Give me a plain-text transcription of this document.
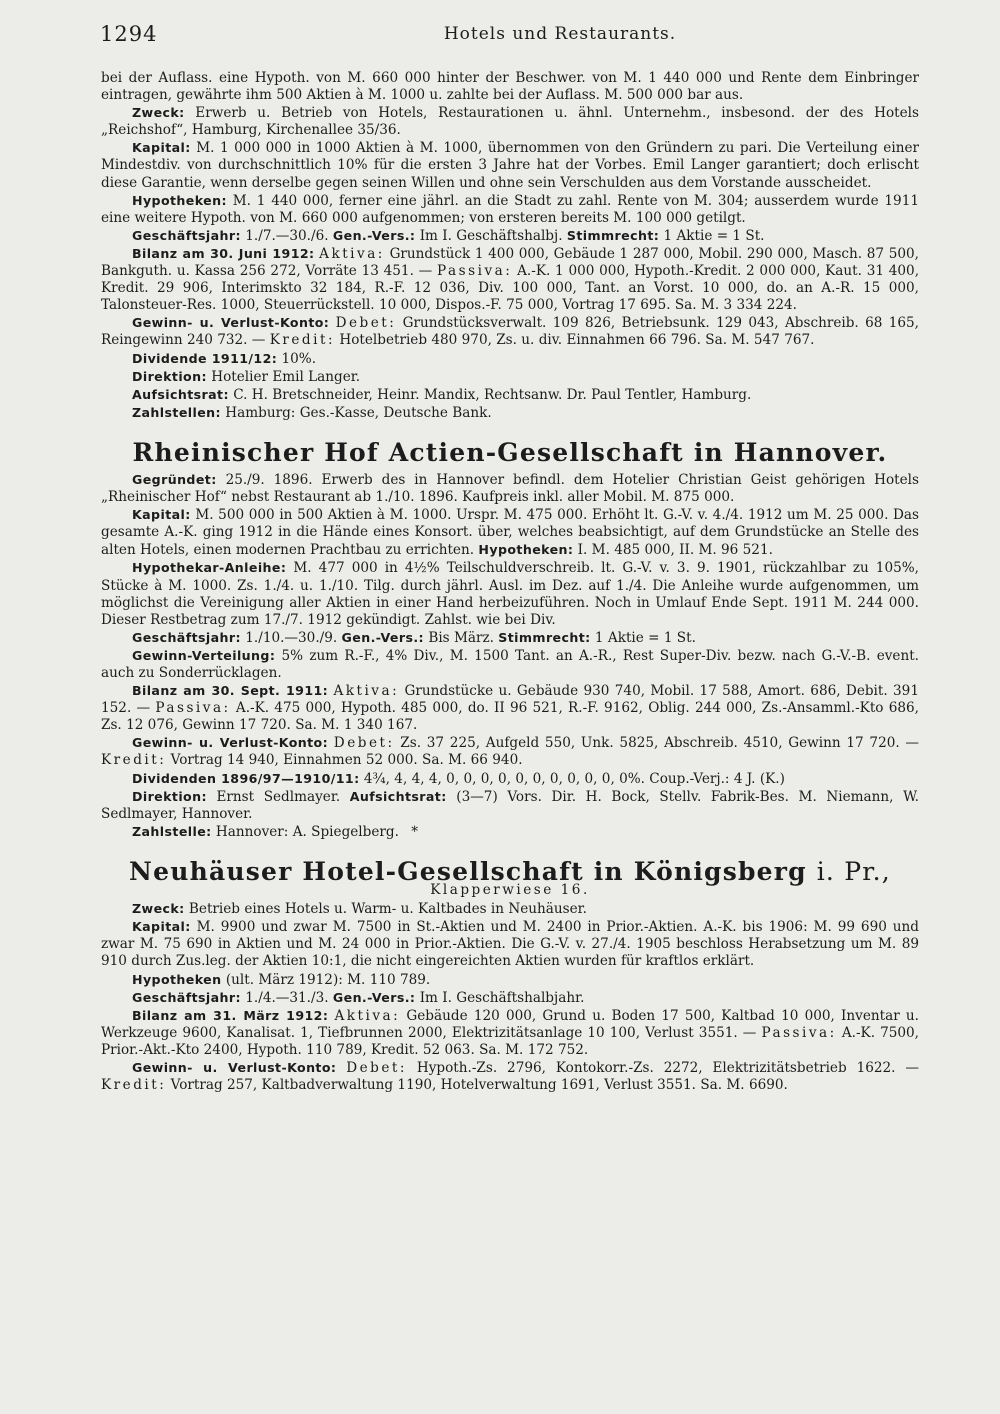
1294	Hotels und Restaurants.

bei der Auflass. eine Hypoth. von M. 660 000 hinter der Beschwer. von M. 1 440 000 und Rente dem Einbringer eintragen, gewährte ihm 500 Aktien à M. 1000 u. zahlte bei der Auflass. M. 500 000 bar aus.

Zweck: Erwerb u. Betrieb von Hotels, Restaurationen u. ähnl. Unternehm., insbesond. der des Hotels „Reichshof“, Hamburg, Kirchenallee 35/36.

Kapital: M. 1 000 000 in 1000 Aktien à M. 1000, übernommen von den Gründern zu pari. Die Verteilung einer Mindestdiv. von durchschnittlich 10% für die ersten 3 Jahre hat der Vorbes. Emil Langer garantiert; doch erlischt diese Garantie, wenn derselbe gegen seinen Willen und ohne sein Verschulden aus dem Vorstande ausscheidet.

Hypotheken: M. 1 440 000, ferner eine jährl. an die Stadt zu zahl. Rente von M. 304; ausserdem wurde 1911 eine weitere Hypoth. von M. 660 000 aufgenommen; von ersteren bereits M. 100 000 getilgt.

Geschäftsjahr: 1./7.—30./6. Gen.-Vers.: Im I. Geschäftshalbj. Stimmrecht: 1 Aktie = 1 St.

Bilanz am 30. Juni 1912: Aktiva: Grundstück 1 400 000, Gebäude 1 287 000, Mobil. 290 000, Masch. 87 500, Bankguth. u. Kassa 256 272, Vorräte 13 451. — Passiva: A.-K. 1 000 000, Hypoth.-Kredit. 2 000 000, Kaut. 31 400, Kredit. 29 906, Interimskto 32 184, R.-F. 12 036, Div. 100 000, Tant. an Vorst. 10 000, do. an A.-R. 15 000, Talonsteuer-Res. 1000, Steuerrückstell. 10 000, Dispos.-F. 75 000, Vortrag 17 695. Sa. M. 3 334 224.

Gewinn- u. Verlust-Konto: Debet: Grundstücksverwalt. 109 826, Betriebsunk. 129 043, Abschreib. 68 165, Reingewinn 240 732. — Kredit: Hotelbetrieb 480 970, Zs. u. div. Einnahmen 66 796. Sa. M. 547 767.

Dividende 1911/12: 10%.

Direktion: Hotelier Emil Langer.

Aufsichtsrat: C. H. Bretschneider, Heinr. Mandix, Rechtsanw. Dr. Paul Tentler, Hamburg.

Zahlstellen: Hamburg: Ges.-Kasse, Deutsche Bank.

Rheinischer Hof Actien-Gesellschaft in Hannover.

Gegründet: 25./9. 1896. Erwerb des in Hannover befindl. dem Hotelier Christian Geist gehörigen Hotels „Rheinischer Hof“ nebst Restaurant ab 1./10. 1896. Kaufpreis inkl. aller Mobil. M. 875 000.

Kapital: M. 500 000 in 500 Aktien à M. 1000. Urspr. M. 475 000. Erhöht lt. G.-V. v. 4./4. 1912 um M. 25 000. Das gesamte A.-K. ging 1912 in die Hände eines Konsort. über, welches beabsichtigt, auf dem Grundstücke an Stelle des alten Hotels, einen modernen Prachtbau zu errichten. Hypotheken: I. M. 485 000, II. M. 96 521.

Hypothekar-Anleihe: M. 477 000 in 4½% Teilschuldverschreib. lt. G.-V. v. 3. 9. 1901, rückzahlbar zu 105%, Stücke à M. 1000. Zs. 1./4. u. 1./10. Tilg. durch jährl. Ausl. im Dez. auf 1./4. Die Anleihe wurde aufgenommen, um möglichst die Vereinigung aller Aktien in einer Hand herbeizuführen. Noch in Umlauf Ende Sept. 1911 M. 244 000. Dieser Restbetrag zum 17./7. 1912 gekündigt. Zahlst. wie bei Div.

Geschäftsjahr: 1./10.—30./9. Gen.-Vers.: Bis März. Stimmrecht: 1 Aktie = 1 St.

Gewinn-Verteilung: 5% zum R.-F., 4% Div., M. 1500 Tant. an A.-R., Rest Super-Div. bezw. nach G.-V.-B. event. auch zu Sonderrücklagen.

Bilanz am 30. Sept. 1911: Aktiva: Grundstücke u. Gebäude 930 740, Mobil. 17 588, Amort. 686, Debit. 391 152. — Passiva: A.-K. 475 000, Hypoth. 485 000, do. II 96 521, R.-F. 9162, Oblig. 244 000, Zs.-Ansamml.-Kto 686, Zs. 12 076, Gewinn 17 720. Sa. M. 1 340 167.

Gewinn- u. Verlust-Konto: Debet: Zs. 37 225, Aufgeld 550, Unk. 5825, Abschreib. 4510, Gewinn 17 720. — Kredit: Vortrag 14 940, Einnahmen 52 000. Sa. M. 66 940.

Dividenden 1896/97—1910/11: 4¾, 4, 4, 4, 0, 0, 0, 0, 0, 0, 0, 0, 0, 0, 0%. Coup.-Verj.: 4 J. (K.)

Direktion: Ernst Sedlmayer. Aufsichtsrat: (3—7) Vors. Dir. H. Bock, Stellv. Fabrik-Bes. M. Niemann, W. Sedlmayer, Hannover.

Zahlstelle: Hannover: A. Spiegelberg. *

Neuhäuser Hotel-Gesellschaft in Königsberg i. Pr.,

Klapperwiese 16.

Zweck: Betrieb eines Hotels u. Warm- u. Kaltbades in Neuhäuser.

Kapital: M. 9900 und zwar M. 7500 in St.-Aktien und M. 2400 in Prior.-Aktien. A.-K. bis 1906: M. 99 690 und zwar M. 75 690 in Aktien und M. 24 000 in Prior.-Aktien. Die G.-V. v. 27./4. 1905 beschloss Herabsetzung um M. 89 910 durch Zus.leg. der Aktien 10:1, die nicht eingereichten Aktien wurden für kraftlos erklärt.

Hypotheken (ult. März 1912): M. 110 789.

Geschäftsjahr: 1./4.—31./3. Gen.-Vers.: Im I. Geschäftshalbjahr.

Bilanz am 31. März 1912: Aktiva: Gebäude 120 000, Grund u. Boden 17 500, Kaltbad 10 000, Inventar u. Werkzeuge 9600, Kanalisat. 1, Tiefbrunnen 2000, Elektrizitätsanlage 10 100, Verlust 3551. — Passiva: A.-K. 7500, Prior.-Akt.-Kto 2400, Hypoth. 110 789, Kredit. 52 063. Sa. M. 172 752.

Gewinn- u. Verlust-Konto: Debet: Hypoth.-Zs. 2796, Kontokorr.-Zs. 2272, Elektrizitätsbetrieb 1622. — Kredit: Vortrag 257, Kaltbadverwaltung 1190, Hotelverwaltung 1691, Verlust 3551. Sa. M. 6690.
